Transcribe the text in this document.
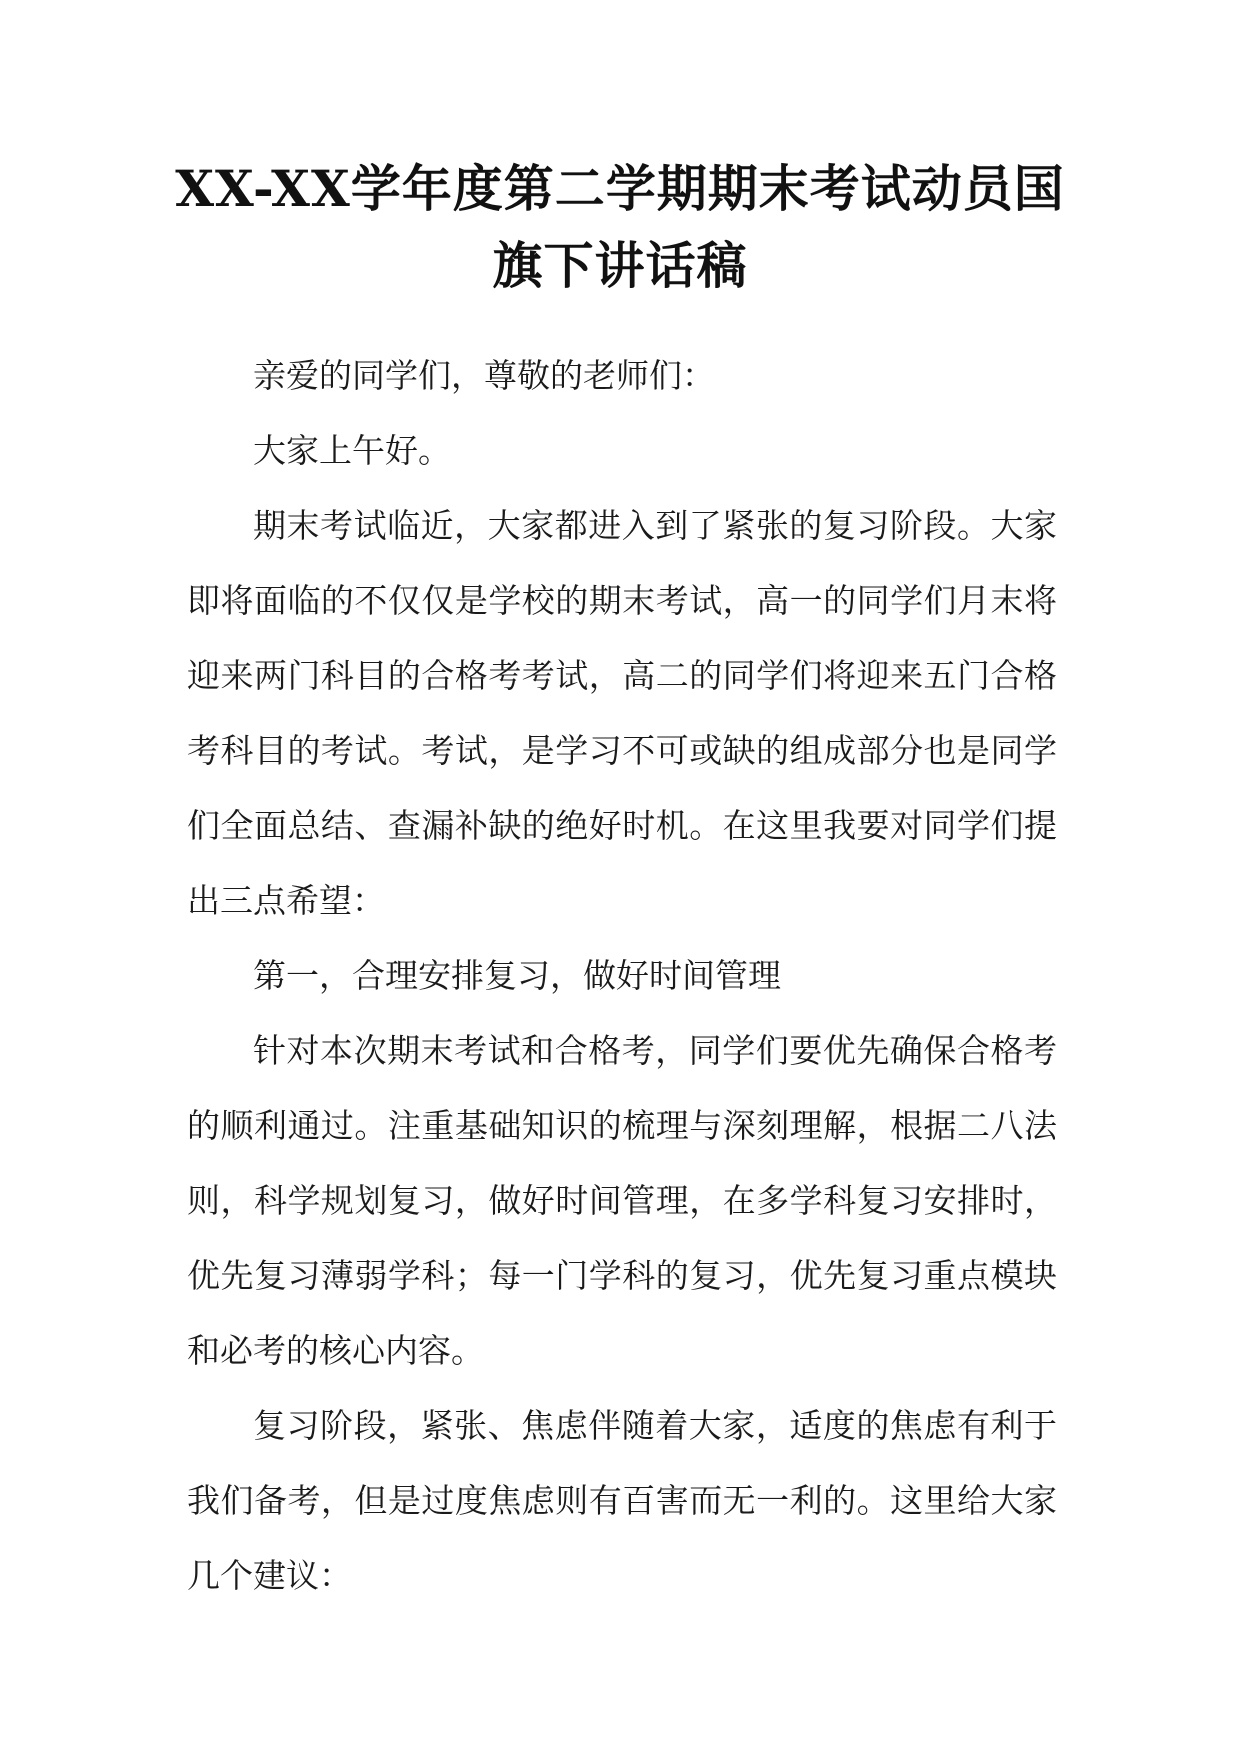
XX-XX学年度第二学期期末考试动员国旗下讲话稿

亲爱的同学们，尊敬的老师们：

大家上午好。

期末考试临近，大家都进入到了紧张的复习阶段。大家即将面临的不仅仅是学校的期末考试，高一的同学们月末将迎来两门科目的合格考考试，高二的同学们将迎来五门合格考科目的考试。考试，是学习不可或缺的组成部分也是同学们全面总结、查漏补缺的绝好时机。在这里我要对同学们提出三点希望：

第一，合理安排复习，做好时间管理

针对本次期末考试和合格考，同学们要优先确保合格考的顺利通过。注重基础知识的梳理与深刻理解，根据二八法则，科学规划复习，做好时间管理，在多学科复习安排时，优先复习薄弱学科；每一门学科的复习，优先复习重点模块和必考的核心内容。

复习阶段，紧张、焦虑伴随着大家，适度的焦虑有利于我们备考，但是过度焦虑则有百害而无一利的。这里给大家几个建议：
